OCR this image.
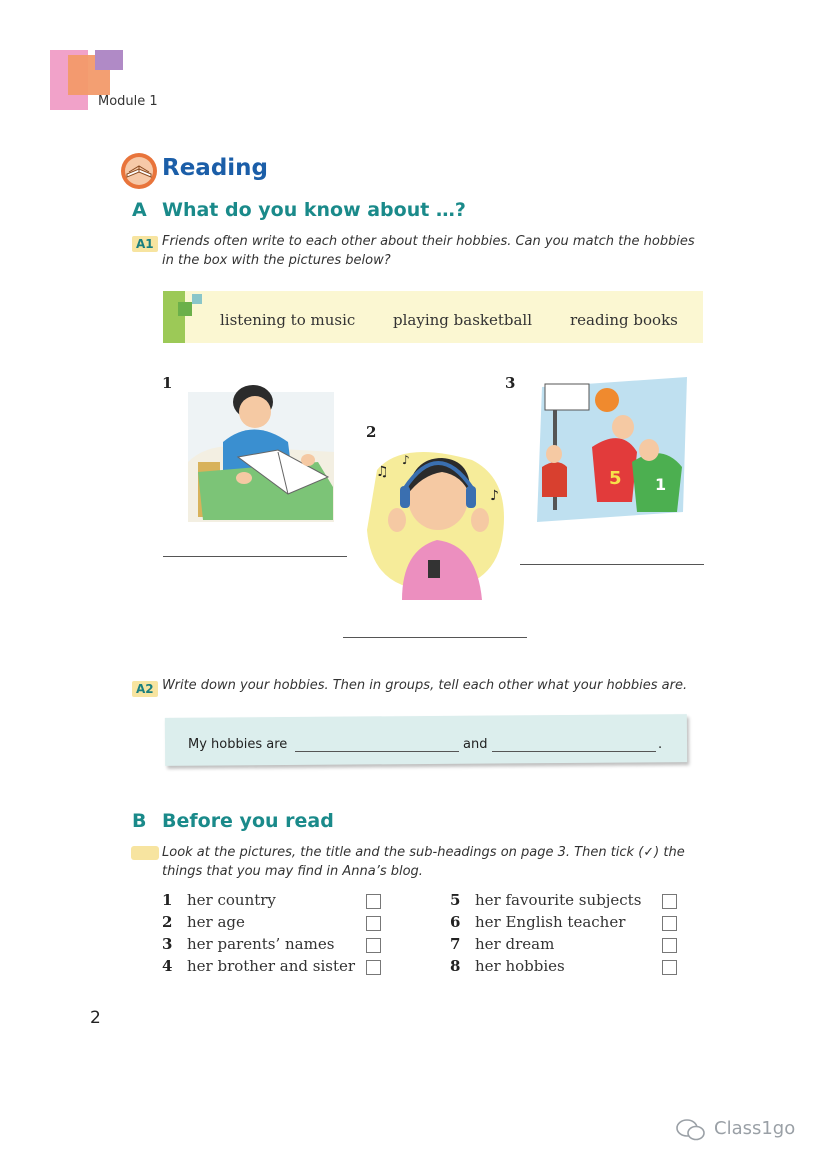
Module 1
Reading
A What do you know about …?
A1 Friends often write to each other about their hobbies. Can you match the hobbies
in the box with the pictures below?
listening to music	playing basketball	reading books
1
2
♫
♪
♪
3
5 1
A2 Write down your hobbies. Then in groups, tell each other what your hobbies are.
My hobbies are	and	.
B Before you read
Look at the pictures, the title and the sub-headings on page 3. Then tick (✓) the
things that you may find in Anna’s blog.
1 her country
2 her age
3 her parents’ names
4 her brother and sister
5 her favourite subjects
6 her English teacher
7 her dream
8 her hobbies
2
Class1go
